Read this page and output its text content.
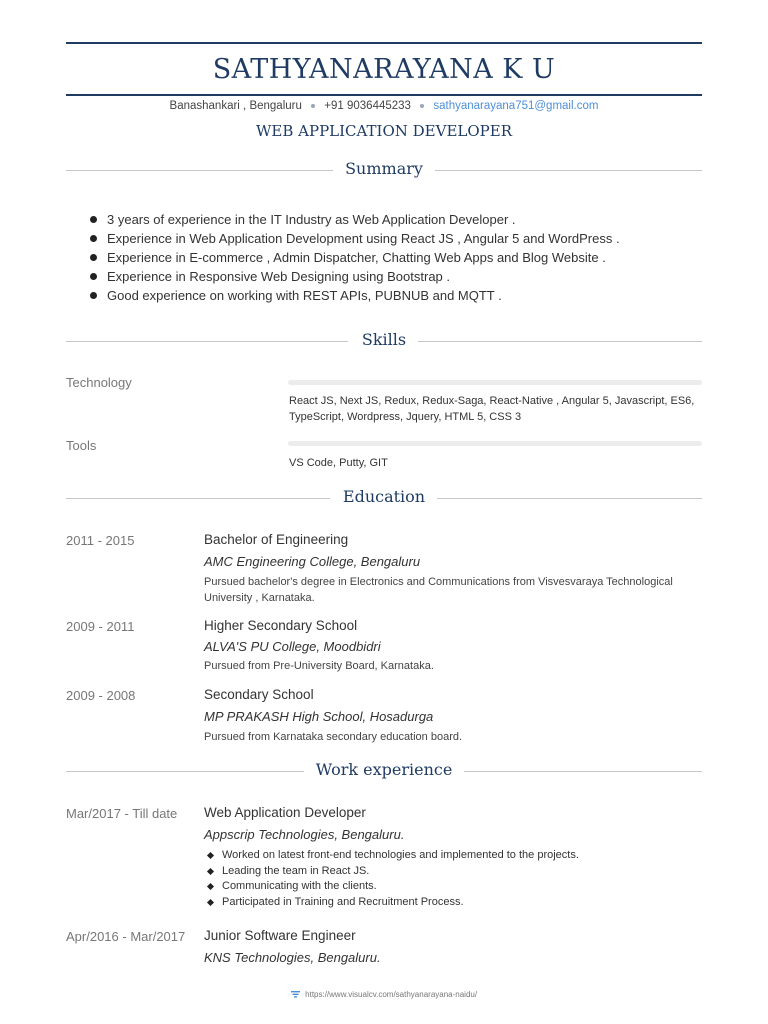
SATHYANARAYANA K U
Banashankari , Bengaluru +91 9036445233 sathyanarayana751@gmail.com
WEB APPLICATION DEVELOPER
Summary
3 years of experience in the IT Industry as Web Application Developer .
Experience in Web Application Development using React JS , Angular 5 and WordPress .
Experience in E-commerce , Admin Dispatcher, Chatting Web Apps and Blog Website .
Experience in Responsive Web Designing using Bootstrap .
Good experience on working with REST APIs, PUBNUB and MQTT .
Skills
Technology
React JS, Next JS, Redux, Redux-Saga, React-Native , Angular 5, Javascript, ES6, TypeScript, Wordpress, Jquery, HTML 5, CSS 3
Tools
VS Code, Putty, GIT
Education
2011 - 2015	Bachelor of Engineering
AMC Engineering College, Bengaluru
Pursued bachelor's degree in Electronics and Communications from Visvesvaraya Technological University , Karnataka.
2009 - 2011	Higher Secondary School
ALVA'S PU College, Moodbidri
Pursued from Pre-University Board, Karnataka.
2009 - 2008	Secondary School
MP PRAKASH High School, Hosadurga
Pursued from Karnataka secondary education board.
Work experience
Mar/2017 - Till date Web Application Developer
Appscrip Technologies, Bengaluru.
Worked on latest front-end technologies and implemented to the projects.
Leading the team in React JS.
Communicating with the clients.
Participated in Training and Recruitment Process.
Apr/2016 - Mar/2017 Junior Software Engineer
KNS Technologies, Bengaluru.
https://www.visualcv.com/sathyanarayana-naidu/
